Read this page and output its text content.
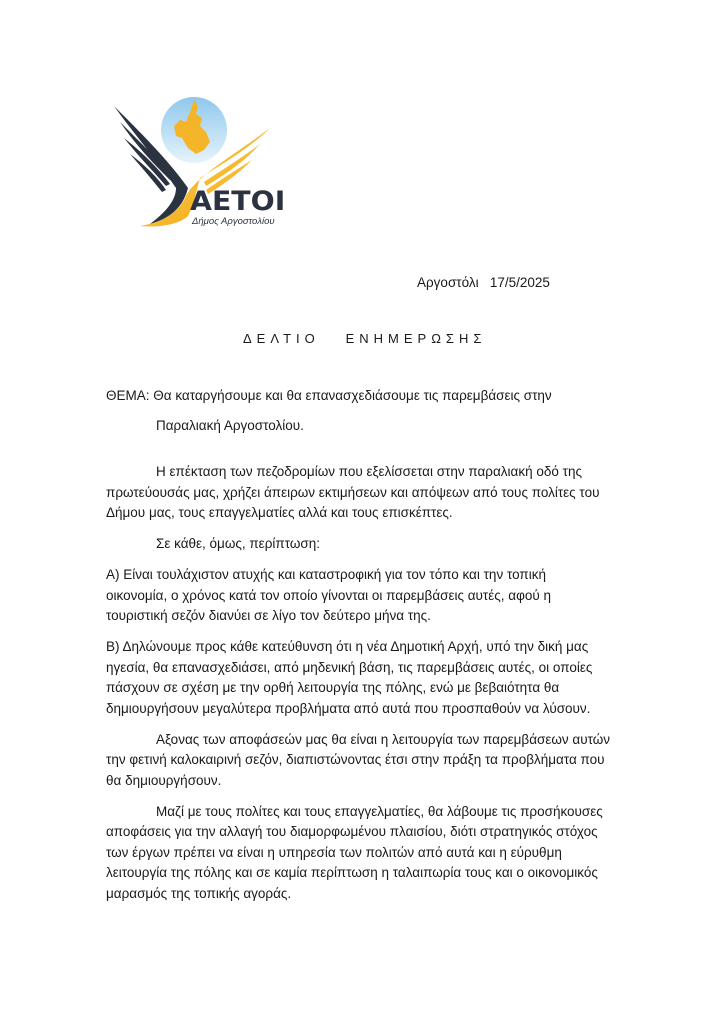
ΑΕΤΟΙ
Δήμος Αργοστολίου
Αργοστόλι   17/5/2025
ΔΕΛΤΙΟ   ΕΝΗΜΕΡΩΣΗΣ
ΘΕΜΑ: Θα καταργήσουμε και θα επανασχεδιάσουμε τις παρεμβάσεις στην
Παραλιακή Αργοστολίου.

Η επέκταση των πεζοδρομίων που εξελίσσεται στην παραλιακή οδό της
πρωτεύουσάς μας, χρήζει άπειρων εκτιμήσεων και απόψεων από τους πολίτες του
Δήμου μας, τους επαγγελματίες αλλά και τους επισκέπτες.

Σε κάθε, όμως, περίπτωση:

Α) Είναι τουλάχιστον ατυχής και καταστροφική για τον τόπο και την τοπική
οικονομία, ο χρόνος κατά τον οποίο γίνονται οι παρεμβάσεις αυτές, αφού η
τουριστική σεζόν διανύει σε λίγο τον δεύτερο μήνα της.

Β) Δηλώνουμε προς κάθε κατεύθυνση ότι η νέα Δημοτική Αρχή, υπό την δική μας
ηγεσία, θα επανασχεδιάσει, από μηδενική βάση, τις παρεμβάσεις αυτές, οι οποίες
πάσχουν σε σχέση με την ορθή λειτουργία της πόλης, ενώ με βεβαιότητα θα
δημιουργήσουν μεγαλύτερα προβλήματα από αυτά που προσπαθούν να λύσουν.

Αξονας των αποφάσεών μας θα είναι η λειτουργία των παρεμβάσεων αυτών
την φετινή καλοκαιρινή σεζόν, διαπιστώνοντας έτσι στην πράξη τα προβλήματα που
θα δημιουργήσουν.

Μαζί με τους πολίτες και τους επαγγελματίες, θα λάβουμε τις προσήκουσες
αποφάσεις για την αλλαγή του διαμορφωμένου πλαισίου, διότι στρατηγικός στόχος
των έργων πρέπει να είναι η υπηρεσία των πολιτών από αυτά και η εύρυθμη
λειτουργία της πόλης και σε καμία περίπτωση η ταλαιπωρία τους και ο οικονομικός
μαρασμός της τοπικής αγοράς.
